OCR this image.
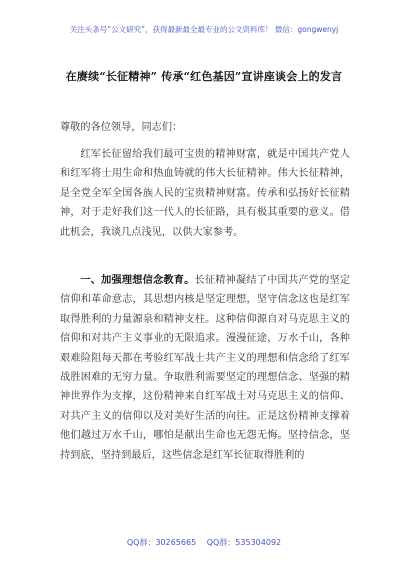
关注头条号“公文研究”，获得最新最全最专业的公文资料库！ 微信：gongwenyj
在赓续“长征精神” 传承“红色基因”宣讲座谈会上的发言
尊敬的各位领导，同志们：
红军长征留给我们最可宝贵的精神财富，就是中国共产党人和红军将士用生命和热血铸就的伟大长征精神。伟大长征精神，是全党全军全国各族人民的宝贵精神财富。传承和弘扬好长征精神，对于走好我们这一代人的长征路，具有极其重要的意义。借此机会，我谈几点浅见，以供大家参考。
一、加强理想信念教育。长征精神凝结了中国共产党的坚定信仰和革命意志，其思想内核是坚定理想，坚守信念这也是红军取得胜利的力量源泉和精神支柱。这种信仰源自对马克思主义的信仰和对共产主义事业的无限追求。漫漫征途，万水千山，各种艰难险阻每天都在考验红军战士共产主义的理想和信念给了红军战胜困难的无穷力量。争取胜利需要坚定的理想信念、坚强的精神世界作为支撑，这份精神来自红军战士对马克思主义的信仰、对共产主义的信仰以及对美好生活的向往。正是这份精神支撑着他们越过万水千山，哪怕是献出生命也无怨无悔。坚持信念，坚持到底，坚持到最后，这些信念是红军长征取得胜利的
QQ群：30265665 QQ群：535304092
